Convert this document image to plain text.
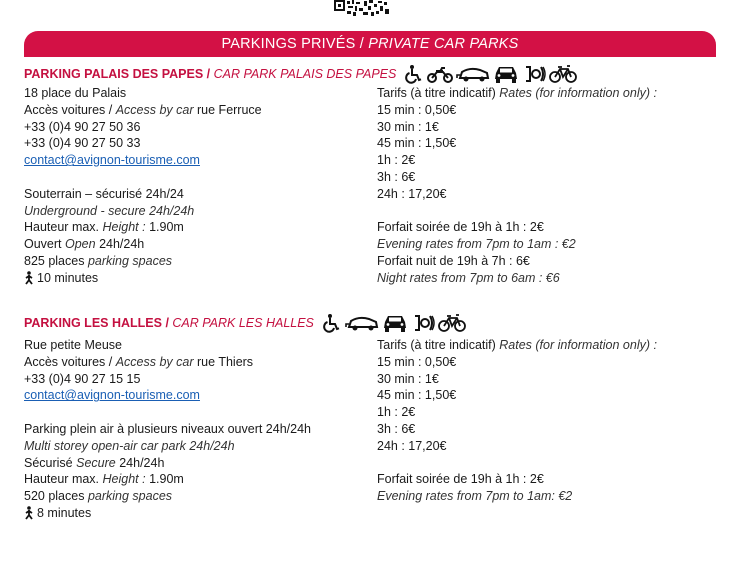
PARKINGS PRIVÉS /
PRIVATE CAR PARKS
PARKING PALAIS DES PAPES /
CAR PARK PALAIS DES PAPES
18 place du Palais
Accès voitures / Access by car rue Ferruce
+33 (0)4 90 27 50 36
+33 (0)4 90 27 50 33
contact@avignon-tourisme.com
Souterrain – sécurisé 24h/24
Underground - secure 24h/24h
Hauteur max. Height : 1.90m
Ouvert Open 24h/24h
825 places parking spaces
10 minutes
Tarifs (à titre indicatif) Rates (for information only) :
15 min : 0,50€
30 min : 1€
45 min : 1,50€
1h : 2€
3h : 6€
24h : 17,20€
Forfait soirée de 19h à 1h : 2€
Evening rates from 7pm to 1am : €2
Forfait nuit de 19h à 7h : 6€
Night rates from 7pm to 6am : €6
PARKING LES HALLES /
CAR PARK LES HALLES
Rue petite Meuse
Accès voitures / Access by car rue Thiers
+33 (0)4 90 27 15 15
contact@avignon-tourisme.com
Parking plein air à plusieurs niveaux ouvert 24h/24h
Multi storey open-air car park 24h/24h
Sécurisé Secure 24h/24h
Hauteur max. Height : 1.90m
520 places parking spaces
8 minutes
Tarifs (à titre indicatif) Rates (for information only) :
15 min : 0,50€
30 min : 1€
45 min : 1,50€
1h : 2€
3h : 6€
24h : 17,20€
Forfait soirée de 19h à 1h : 2€
Evening rates from 7pm to 1am: €2
